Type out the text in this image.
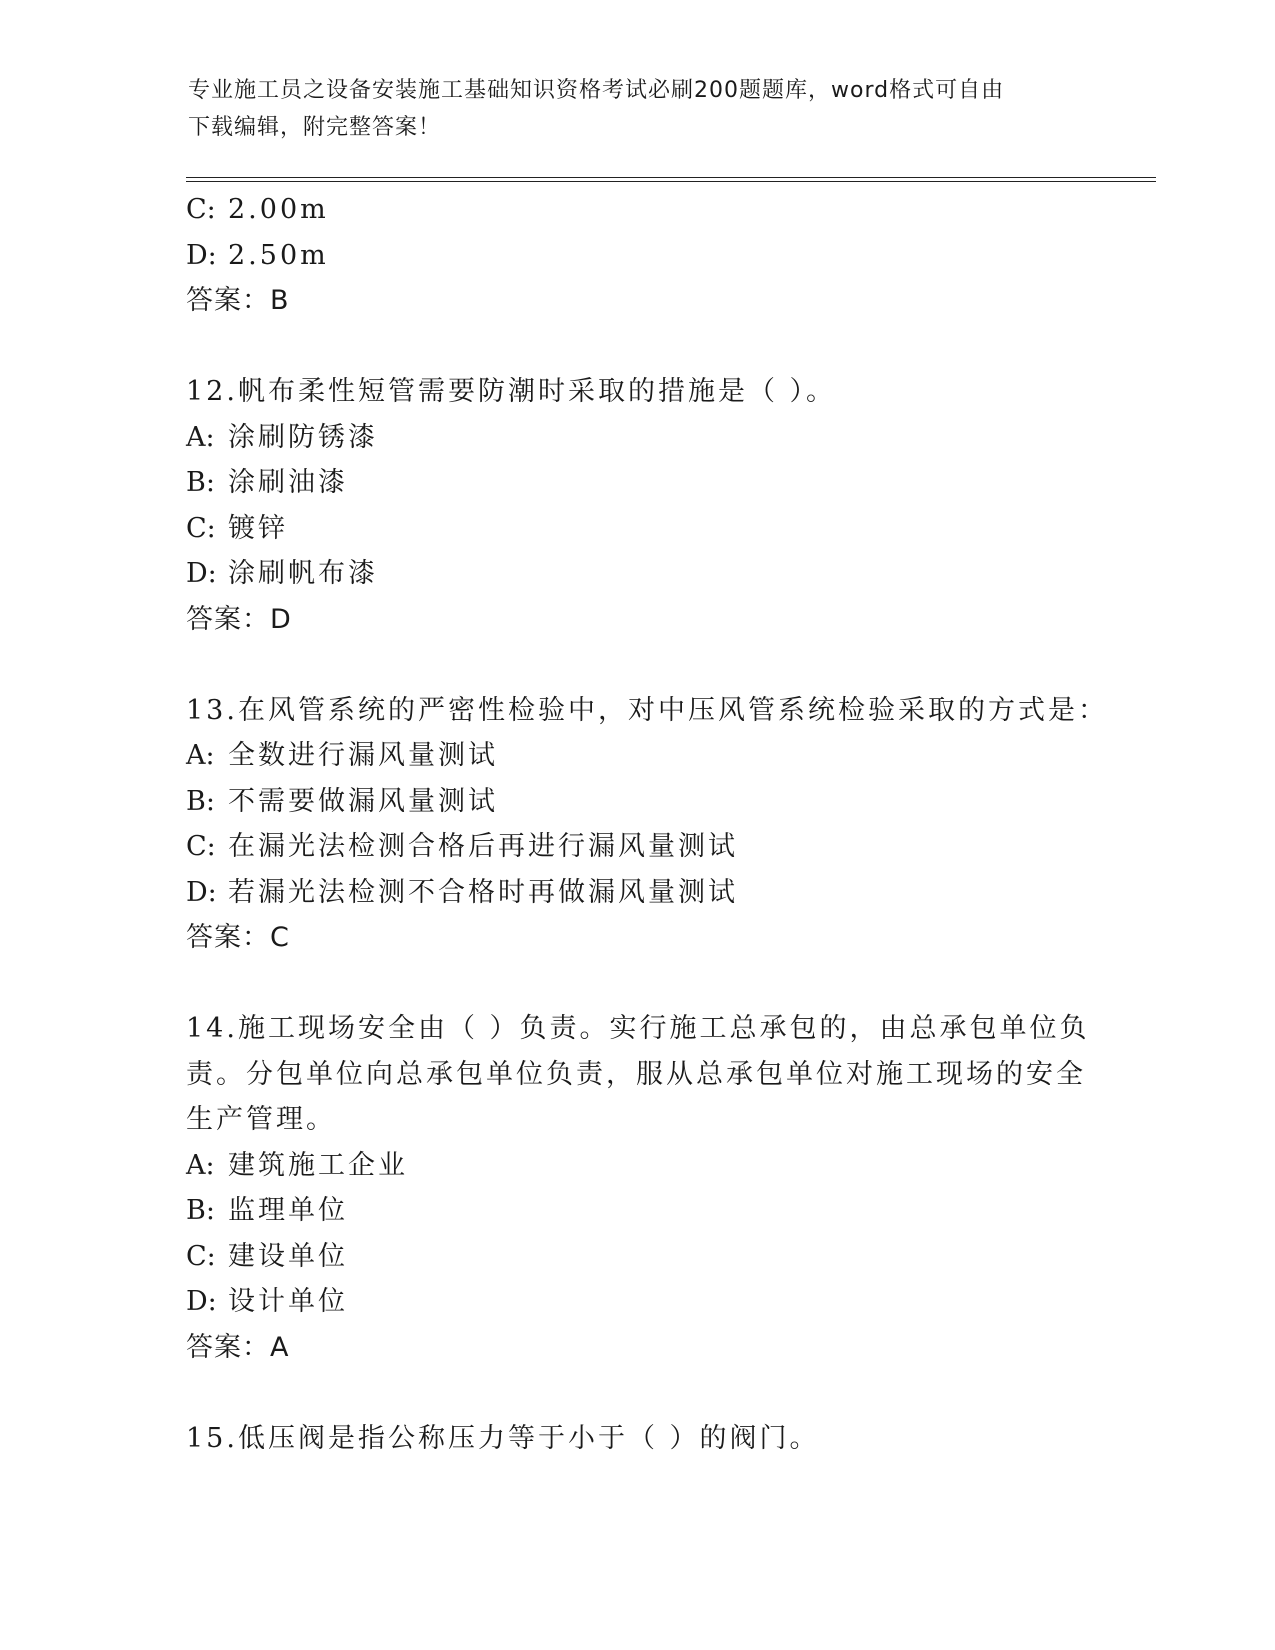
专业施工员之设备安装施工基础知识资格考试必刷200题题库，word格式可自由
下载编辑，附完整答案！
C: 2.00m
D: 2.50m
答案：B
12.帆布柔性短管需要防潮时采取的措施是（ ）。
A: 涂刷防锈漆
B: 涂刷油漆
C: 镀锌
D: 涂刷帆布漆
答案：D
13.在风管系统的严密性检验中，对中压风管系统检验采取的方式是：
A: 全数进行漏风量测试
B: 不需要做漏风量测试
C: 在漏光法检测合格后再进行漏风量测试
D: 若漏光法检测不合格时再做漏风量测试
答案：C
14.施工现场安全由（ ）负责。实行施工总承包的，由总承包单位负
责。分包单位向总承包单位负责，服从总承包单位对施工现场的安全
生产管理。
A: 建筑施工企业
B: 监理单位
C: 建设单位
D: 设计单位
答案：A
15.低压阀是指公称压力等于小于（ ）的阀门。
